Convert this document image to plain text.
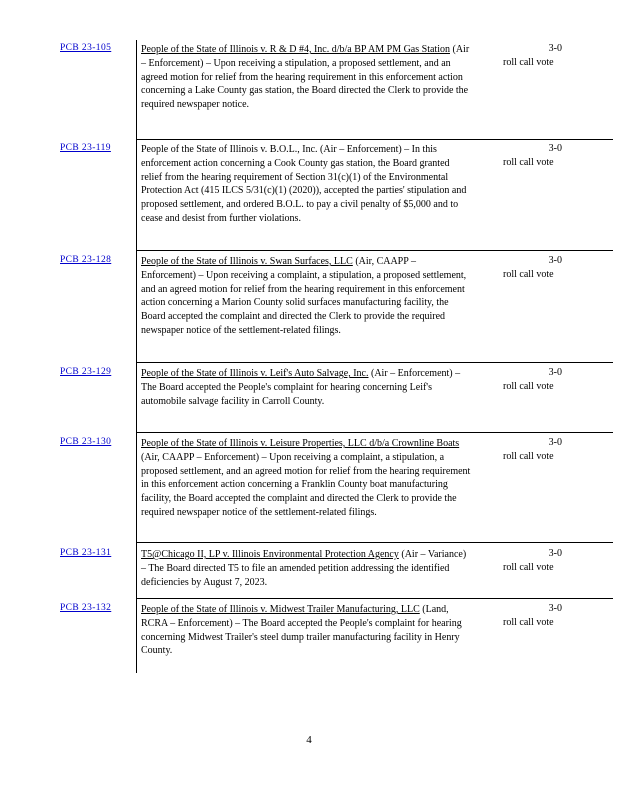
PCB 23-105	People of the State of Illinois v. R & D #4, Inc. d/b/a BP AM PM Gas Station (Air – Enforcement) – Upon receiving a stipulation, a proposed settlement, and an agreed motion for relief from the hearing requirement in this enforcement action concerning a Lake County gas station, the Board directed the Clerk to provide the required newspaper notice.
3-0
roll call vote
PCB 23-119	People of the State of Illinois v. B.O.L., Inc. (Air – Enforcement) – In this enforcement action concerning a Cook County gas station, the Board granted relief from the hearing requirement of Section 31(c)(1) of the Environmental Protection Act (415 ILCS 5/31(c)(1) (2020)), accepted the parties' stipulation and proposed settlement, and ordered B.O.L. to pay a civil penalty of $5,000 and to cease and desist from further violations.
3-0
roll call vote
PCB 23-128	People of the State of Illinois v. Swan Surfaces, LLC (Air, CAAPP – Enforcement) – Upon receiving a complaint, a stipulation, a proposed settlement, and an agreed motion for relief from the hearing requirement in this enforcement action concerning a Marion County solid surfaces manufacturing facility, the Board accepted the complaint and directed the Clerk to provide the required newspaper notice of the settlement-related filings.
3-0
roll call vote
PCB 23-129	People of the State of Illinois v. Leif's Auto Salvage, Inc. (Air – Enforcement) – The Board accepted the People's complaint for hearing concerning Leif's automobile salvage facility in Carroll County.
3-0
roll call vote
PCB 23-130	People of the State of Illinois v. Leisure Properties, LLC d/b/a Crownline Boats (Air, CAAPP – Enforcement) – Upon receiving a complaint, a stipulation, a proposed settlement, and an agreed motion for relief from the hearing requirement in this enforcement action concerning a Franklin County boat manufacturing facility, the Board accepted the complaint and directed the Clerk to provide the required newspaper notice of the settlement-related filings.
3-0
roll call vote
PCB 23-131	T5@Chicago II, LP v. Illinois Environmental Protection Agency (Air – Variance) – The Board directed T5 to file an amended petition addressing the identified deficiencies by August 7, 2023.
3-0
roll call vote
PCB 23-132	People of the State of Illinois v. Midwest Trailer Manufacturing, LLC (Land, RCRA – Enforcement) – The Board accepted the People's complaint for hearing concerning Midwest Trailer's steel dump trailer manufacturing facility in Henry County.
3-0
roll call vote
4
